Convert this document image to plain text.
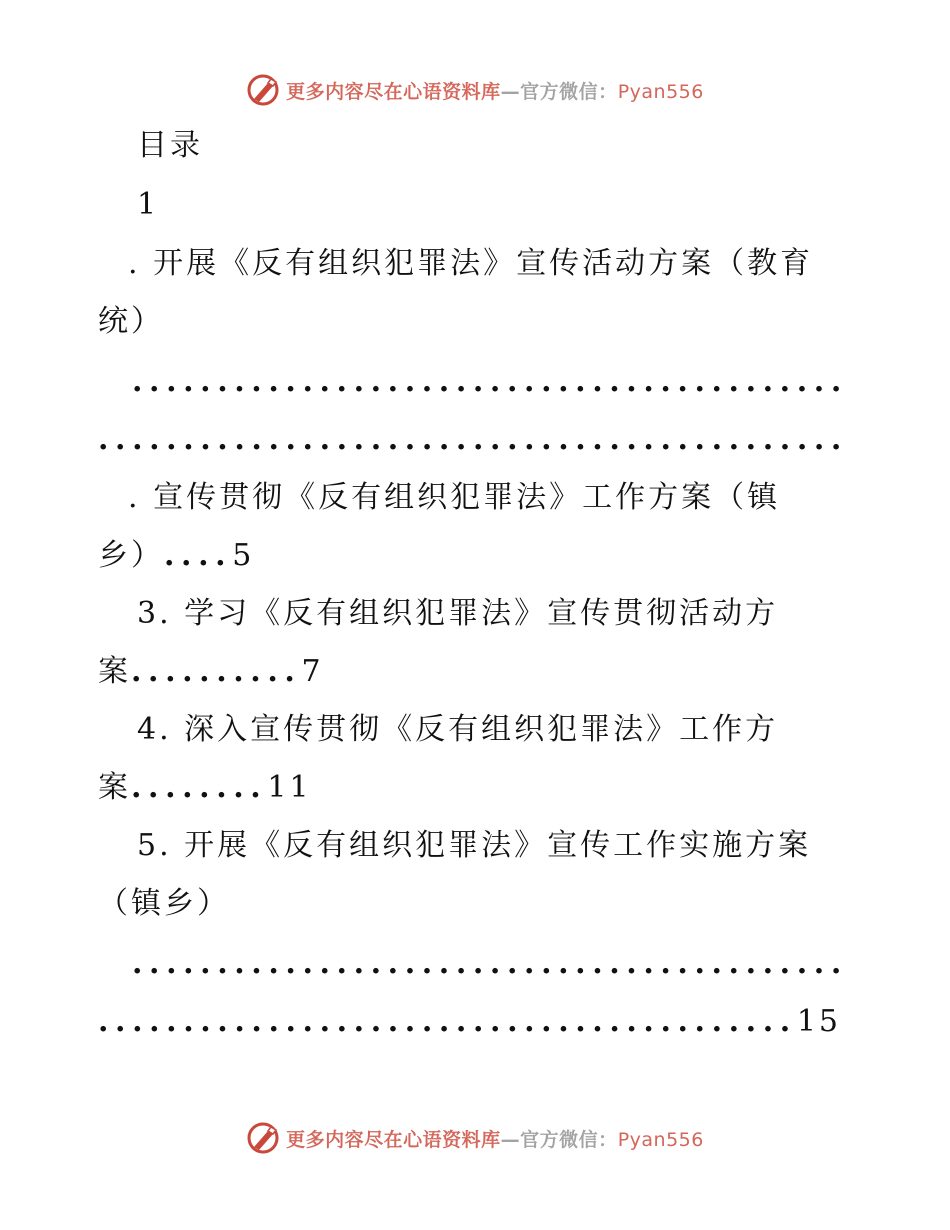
更多内容尽在心语资料库—官方微信：Pyan556
目录
1
. 开展《反有组织犯罪法》宣传活动方案（教育
统）
..........................................
............................................
. 宣传贯彻《反有组织犯罪法》工作方案（镇
乡）....5
3. 学习《反有组织犯罪法》宣传贯彻活动方
案..........7
4. 深入宣传贯彻《反有组织犯罪法》工作方
案........11
5. 开展《反有组织犯罪法》宣传工作实施方案
（镇乡）
..........................................
.........................................15
更多内容尽在心语资料库—官方微信：Pyan556
